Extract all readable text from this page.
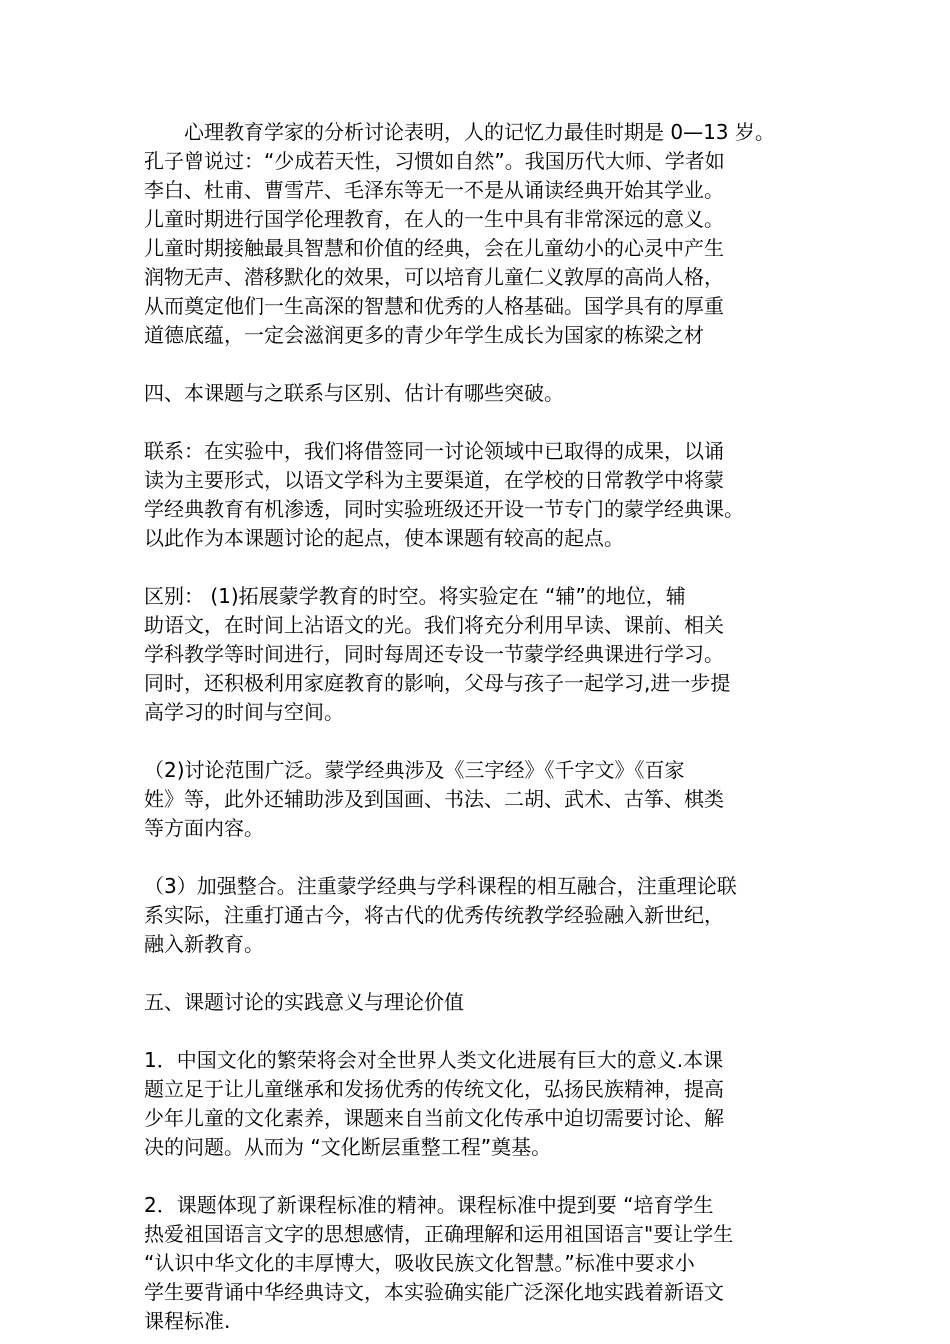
心理教育学家的分析讨论表明，人的记忆力最佳时期是 0—13 岁。
孔子曾说过：“少成若天性，习惯如自然”。我国历代大师、学者如
李白、杜甫、曹雪芹、毛泽东等无一不是从诵读经典开始其学业。
儿童时期进行国学伦理教育，在人的一生中具有非常深远的意义。
儿童时期接触最具智慧和价值的经典，会在儿童幼小的心灵中产生
润物无声、潜移默化的效果，可以培育儿童仁义敦厚的高尚人格，
从而奠定他们一生高深的智慧和优秀的人格基础。国学具有的厚重
道德底蕴，一定会滋润更多的青少年学生成长为国家的栋梁之材
四、本课题与之联系与区别、估计有哪些突破。
联系：在实验中，我们将借签同一讨论领域中已取得的成果，以诵
读为主要形式，以语文学科为主要渠道，在学校的日常教学中将蒙
学经典教育有机渗透，同时实验班级还开设一节专门的蒙学经典课。
以此作为本课题讨论的起点，使本课题有较高的起点。
区别： (1)拓展蒙学教育的时空。将实验定在 “辅”的地位，辅
助语文，在时间上沾语文的光。我们将充分利用早读、课前、相关
学科教学等时间进行，同时每周还专设一节蒙学经典课进行学习。
同时，还积极利用家庭教育的影响，父母与孩子一起学习,进一步提
高学习的时间与空间。
（2)讨论范围广泛。蒙学经典涉及《三字经》《千字文》《百家
姓》等，此外还辅助涉及到国画、书法、二胡、武术、古筝、棋类
等方面内容。
（3）加强整合。注重蒙学经典与学科课程的相互融合，注重理论联
系实际，注重打通古今，将古代的优秀传统教学经验融入新世纪，
融入新教育。
五、课题讨论的实践意义与理论价值
1．中国文化的繁荣将会对全世界人类文化进展有巨大的意义.本课
题立足于让儿童继承和发扬优秀的传统文化，弘扬民族精神，提高
少年儿童的文化素养，课题来自当前文化传承中迫切需要讨论、解
决的问题。从而为 “文化断层重整工程”奠基。
2．课题体现了新课程标准的精神。课程标准中提到要 “培育学生
热爱祖国语言文字的思想感情，正确理解和运用祖国语言"要让学生
“认识中华文化的丰厚博大，吸收民族文化智慧。”标准中要求小
学生要背诵中华经典诗文，本实验确实能广泛深化地实践着新语文
课程标准.
